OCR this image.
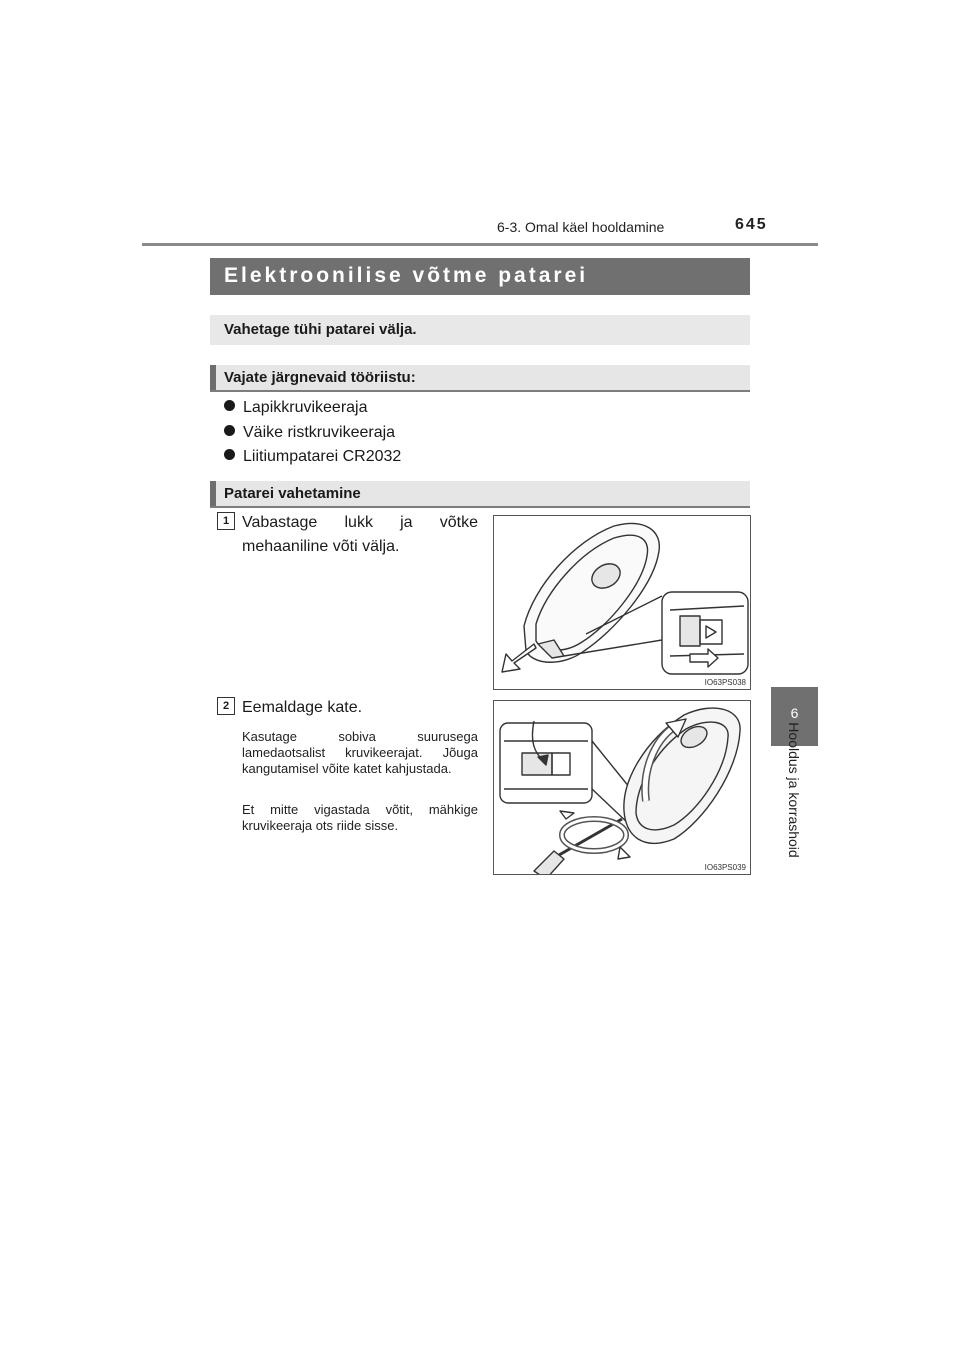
6-3. Omal käel hooldamine	645
Elektroonilise võtme patarei
Vahetage tühi patarei välja.
Vajate järgnevaid tööriistu:
Lapikkruvikeeraja
Väike ristkruvikeeraja
Liitiumpatarei CR2032
Patarei vahetamine
1 Vabastage lukk ja võtke mehaaniline võti välja.
IO63PS038
2 Eemaldage kate.
Kasutage sobiva suurusega lamedaotsalist kruvikeerajat. Jõuga kangutamisel võite katet kahjustada.
Et mitte vigastada võtit, mähkige kruvikeeraja ots riide sisse.
IO63PS039
6
Hooldus ja korrashoid
